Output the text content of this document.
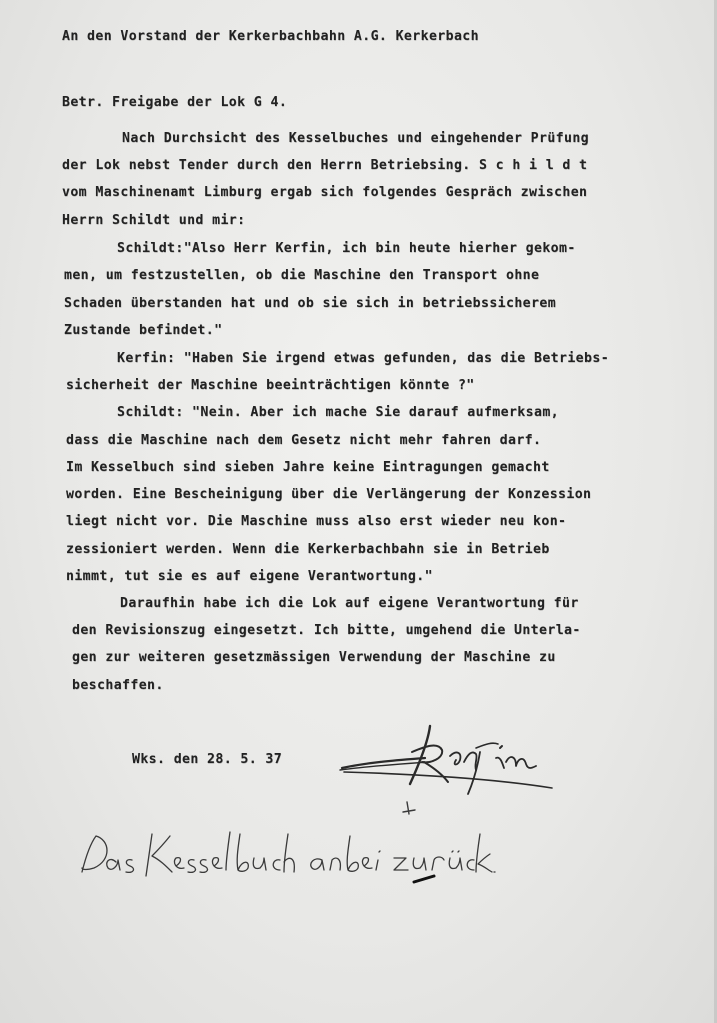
An den Vorstand der Kerkerbachbahn A.G. Kerkerbach
Betr. Freigabe der Lok G 4.
Nach Durchsicht des Kesselbuches und eingehender Prüfung
der Lok nebst Tender durch den Herrn Betriebsing. S c h i l d t
vom Maschinenamt Limburg ergab sich folgendes Gespräch zwischen
Herrn Schildt und mir:
Schildt:"Also Herr Kerfin, ich bin heute hierher gekom-
men, um festzustellen, ob die Maschine den Transport ohne
Schaden überstanden hat und ob sie sich in betriebssicherem
Zustande befindet."
Kerfin: "Haben Sie irgend etwas gefunden, das die Betriebs-
sicherheit der Maschine beeinträchtigen könnte ?"
Schildt: "Nein. Aber ich mache Sie darauf aufmerksam,
dass die Maschine nach dem Gesetz nicht mehr fahren darf.
Im Kesselbuch sind sieben Jahre keine Eintragungen gemacht
worden. Eine Bescheinigung über die Verlängerung der Konzession
liegt nicht vor. Die Maschine muss also erst wieder neu kon-
zessioniert werden. Wenn die Kerkerbachbahn sie in Betrieb
nimmt, tut sie es auf eigene Verantwortung."
Daraufhin habe ich die Lok auf eigene Verantwortung für
den Revisionszug eingesetzt. Ich bitte, umgehend die Unterla-
gen zur weiteren gesetzmässigen Verwendung der Maschine zu
beschaffen.
Wks. den 28. 5. 37
